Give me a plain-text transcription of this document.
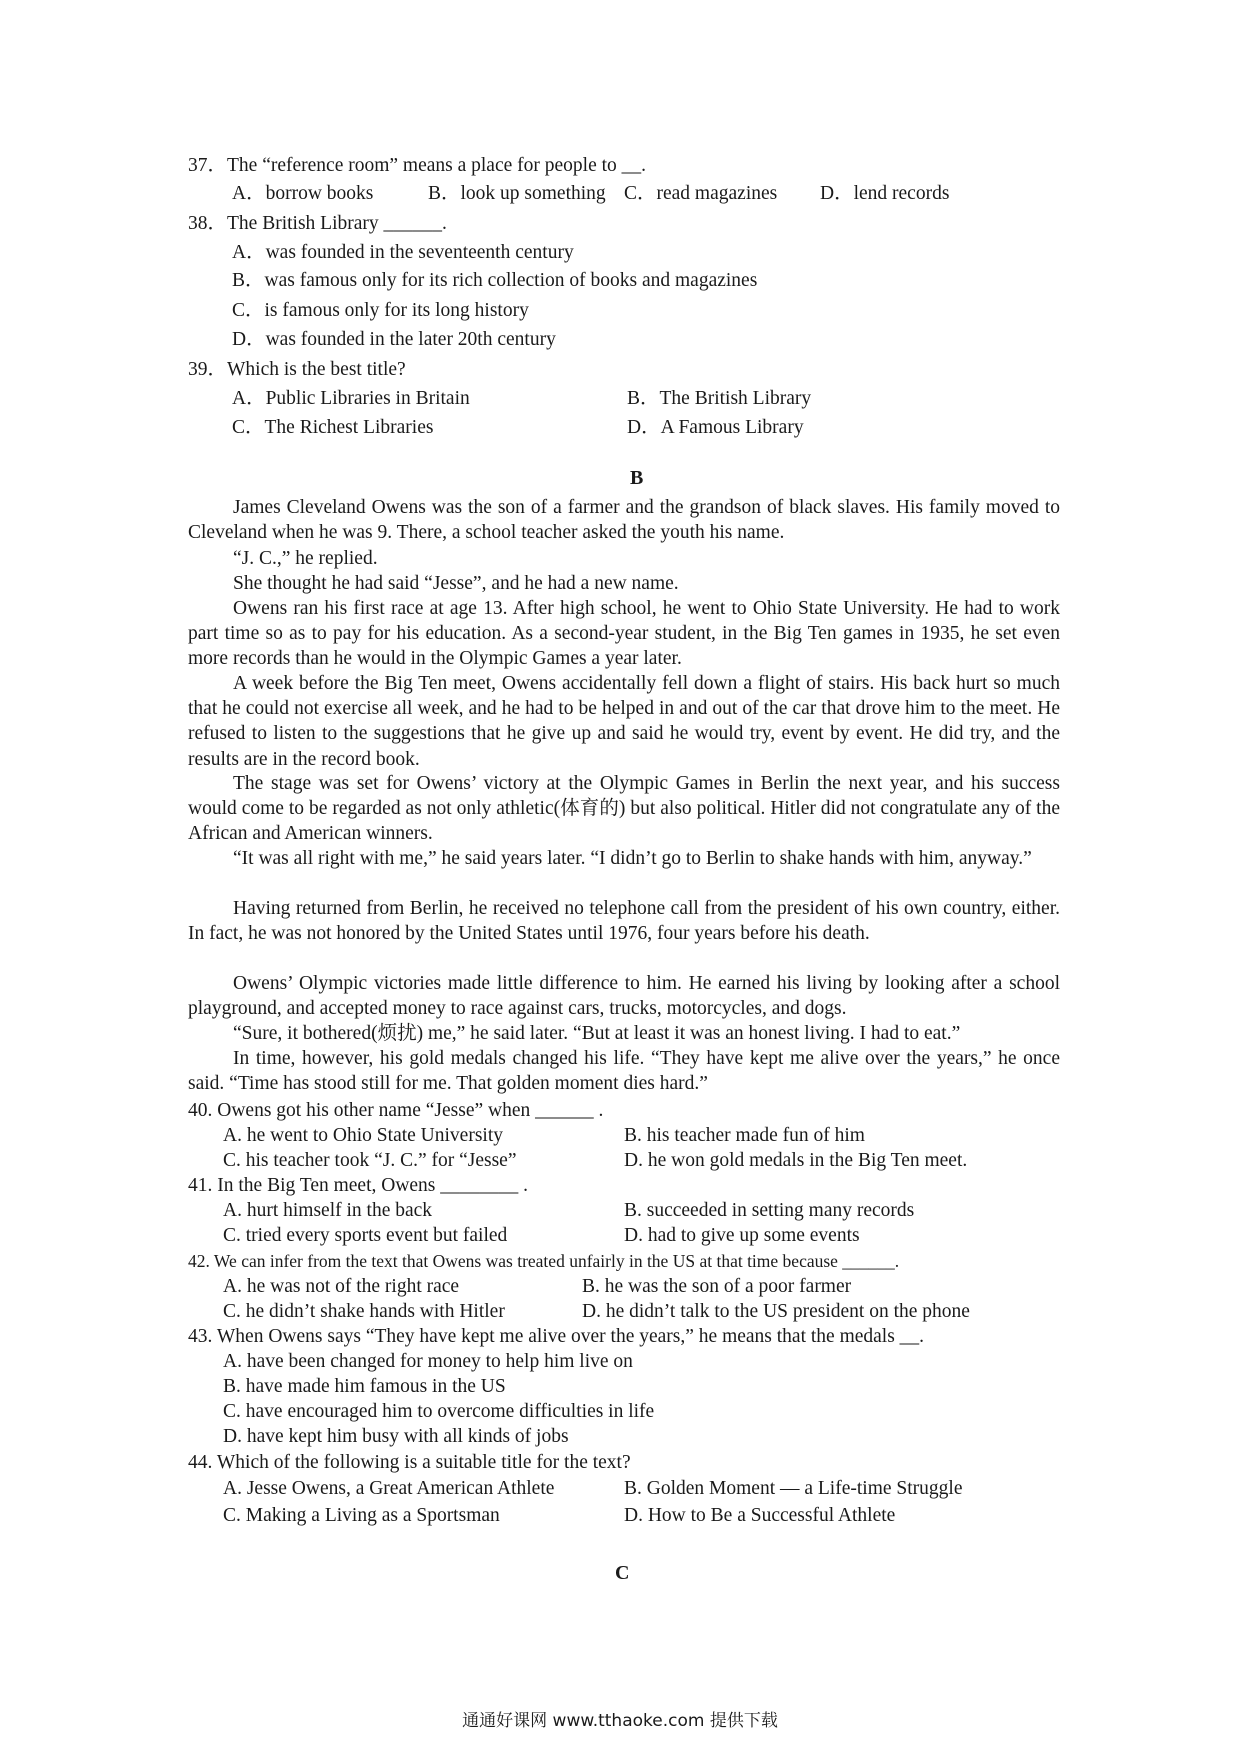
37．The “reference room” means a place for people to __.
A．borrow books	B．look up something C．read magazines D．lend records
38．The British Library ______.
A．was founded in the seventeenth century
B．was famous only for its rich collection of books and magazines
C．is famous only for its long history
D．was founded in the later 20th century
39．Which is the best title?
A．Public Libraries in Britain	B．The British Library
C．The Richest Libraries	D．A Famous Library
B
James Cleveland Owens was the son of a farmer and the grandson of black slaves. His family moved to Cleveland when he was 9. There, a school teacher asked the youth his name.
“J. C.,” he replied.
She thought he had said “Jesse”, and he had a new name.
Owens ran his first race at age 13. After high school, he went to Ohio State University. He had to work part time so as to pay for his education. As a second-year student, in the Big Ten games in 1935, he set even more records than he would in the Olympic Games a year later.
A week before the Big Ten meet, Owens accidentally fell down a flight of stairs. His back hurt so much that he could not exercise all week, and he had to be helped in and out of the car that drove him to the meet. He refused to listen to the suggestions that he give up and said he would try, event by event. He did try, and the results are in the record book.
The stage was set for Owens’ victory at the Olympic Games in Berlin the next year, and his success would come to be regarded as not only athletic(体育的) but also political. Hitler did not congratulate any of the African and American winners.
“It was all right with me,” he said years later. “I didn’t go to Berlin to shake hands with him, anyway.”
Having returned from Berlin, he received no telephone call from the president of his own country, either. In fact, he was not honored by the United States until 1976, four years before his death.
Owens’ Olympic victories made little difference to him. He earned his living by looking after a school playground, and accepted money to race against cars, trucks, motorcycles, and dogs.
“Sure, it bothered(烦扰) me,” he said later. “But at least it was an honest living. I had to eat.”
In time, however, his gold medals changed his life. “They have kept me alive over the years,” he once said. “Time has stood still for me. That golden moment dies hard.”
40. Owens got his other name “Jesse” when ______ .
A. he went to Ohio State University	B. his teacher made fun of him
C. his teacher took “J. C.” for “Jesse”	D. he won gold medals in the Big Ten meet.
41. In the Big Ten meet, Owens ________ .
A. hurt himself in the back	B. succeeded in setting many records
C. tried every sports event but failed	D. had to give up some events
42. We can infer from the text that Owens was treated unfairly in the US at that time because ______.
A. he was not of the right race	B. he was the son of a poor farmer
C. he didn’t shake hands with Hitler	D. he didn’t talk to the US president on the phone
43. When Owens says “They have kept me alive over the years,” he means that the medals __.
A. have been changed for money to help him live on
B. have made him famous in the US
C. have encouraged him to overcome difficulties in life
D. have kept him busy with all kinds of jobs
44. Which of the following is a suitable title for the text?
A. Jesse Owens, a Great American Athlete	B. Golden Moment — a Life-time Struggle
C. Making a Living as a Sportsman	D. How to Be a Successful Athlete
C
通通好课网 www.tthaoke.com 提供下载
